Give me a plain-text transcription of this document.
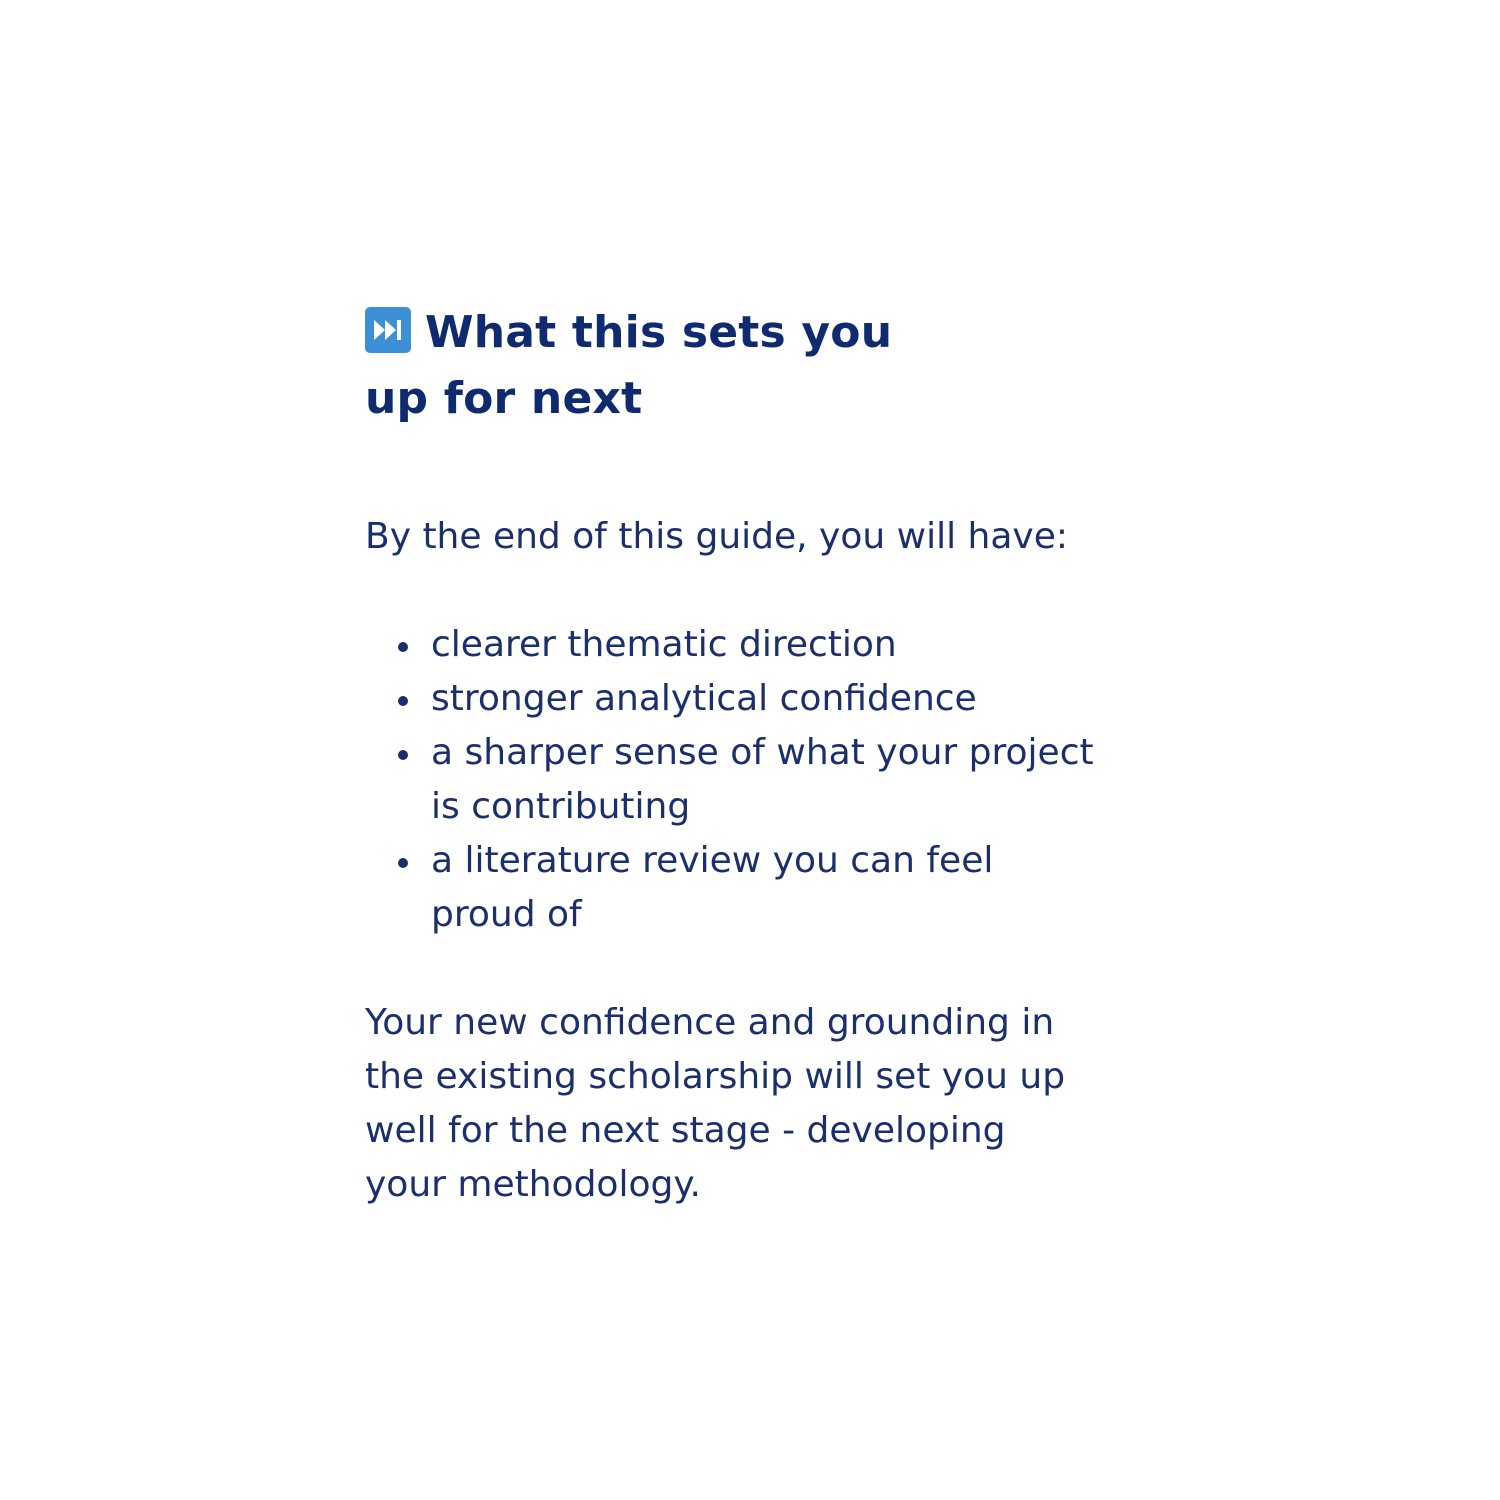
What this sets you
up for next

By the end of this guide, you will have:

clearer thematic direction
stronger analytical confidence
a sharper sense of what your project
is contributing
a literature review you can feel
proud of

Your new confidence and grounding in
the existing scholarship will set you up
well for the next stage - developing
your methodology.
